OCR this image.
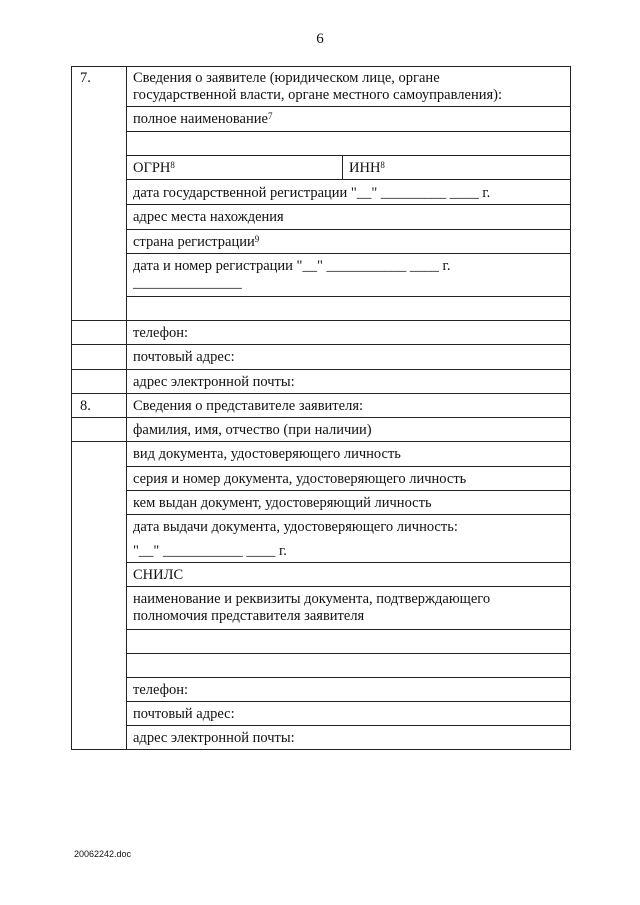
6
7.	Сведения о заявителе (юридическом лице, органе
государственной власти, органе местного самоуправления):
полное наименование$^7$
ОГРН$^8$	ИНН$^8$
дата государственной регистрации "__" _________ ____ г.
адрес места нахождения
страна регистрации$^9$
дата и номер регистрации "__" ___________ ____ г.
_______________
телефон:
почтовый адрес:
адрес электронной почты:
8.	Сведения о представителе заявителя:
фамилия, имя, отчество (при наличии)
вид документа, удостоверяющего личность
серия и номер документа, удостоверяющего личность
кем выдан документ, удостоверяющий личность
дата выдачи документа, удостоверяющего личность:
"__" ___________ ____ г.
СНИЛС
наименование и реквизиты документа, подтверждающего
полномочия представителя заявителя
телефон:
почтовый адрес:
адрес электронной почты:
20062242.doc
